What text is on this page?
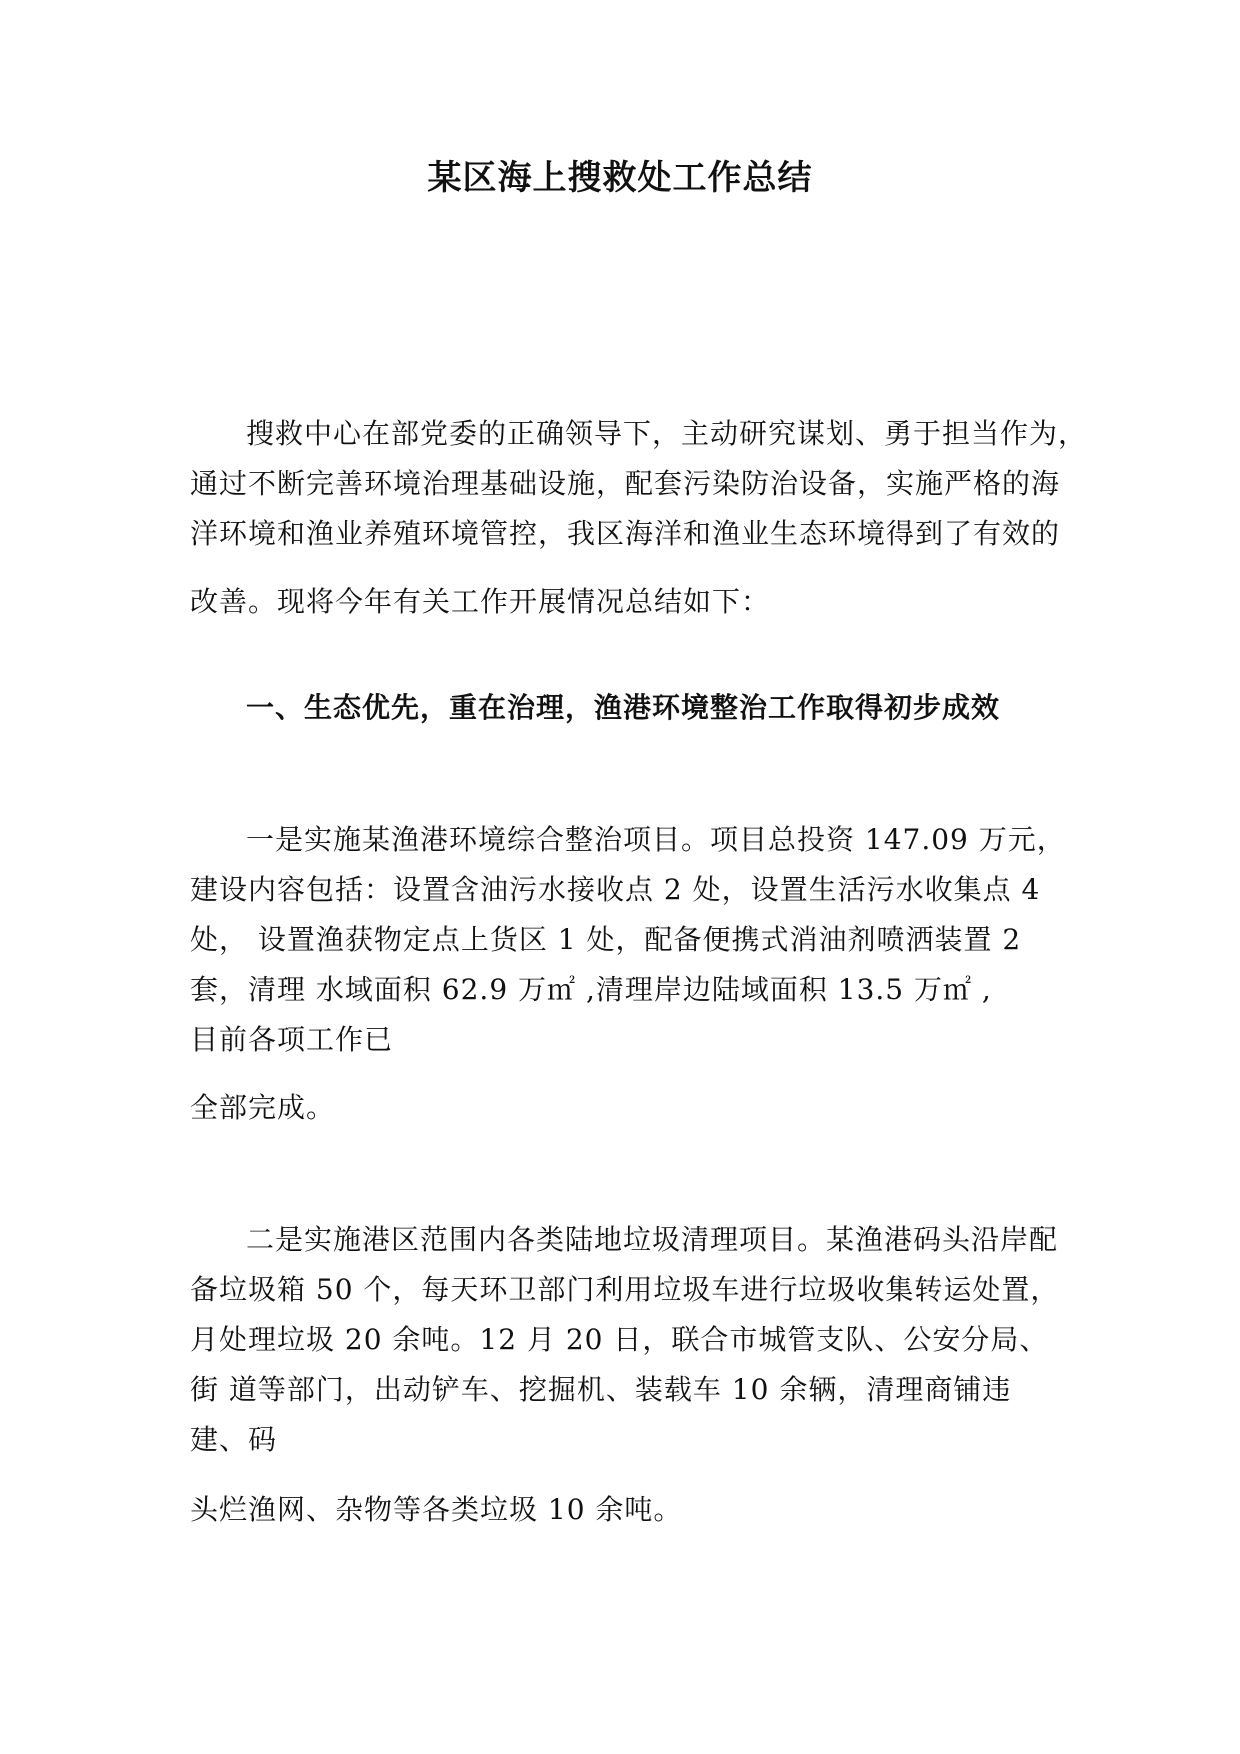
某区海上搜救处工作总结
搜救中心在部党委的正确领导下，主动研究谋划、勇于担当作为，
通过不断完善环境治理基础设施，配套污染防治设备，实施严格的海
洋环境和渔业养殖环境管控，我区海洋和渔业生态环境得到了有效的
改善。现将今年有关工作开展情况总结如下：
一、生态优先，重在治理，渔港环境整治工作取得初步成效
一是实施某渔港环境综合整治项目。项目总投资 147.09 万元，
建设内容包括：设置含油污水接收点 2 处，设置生活污水收集点 4
处， 设置渔获物定点上货区 1 处，配备便携式消油剂喷洒装置 2
套，清理 水域面积 62.9 万㎡ ,清理岸边陆域面积 13.5 万㎡ ,
目前各项工作已
全部完成。
二是实施港区范围内各类陆地垃圾清理项目。某渔港码头沿岸配
备垃圾箱 50 个，每天环卫部门利用垃圾车进行垃圾收集转运处置，
月处理垃圾 20 余吨。12 月 20 日，联合市城管支队、公安分局、
街 道等部门，出动铲车、挖掘机、装载车 10 余辆，清理商铺违
建、码
头烂渔网、杂物等各类垃圾 10 余吨。
